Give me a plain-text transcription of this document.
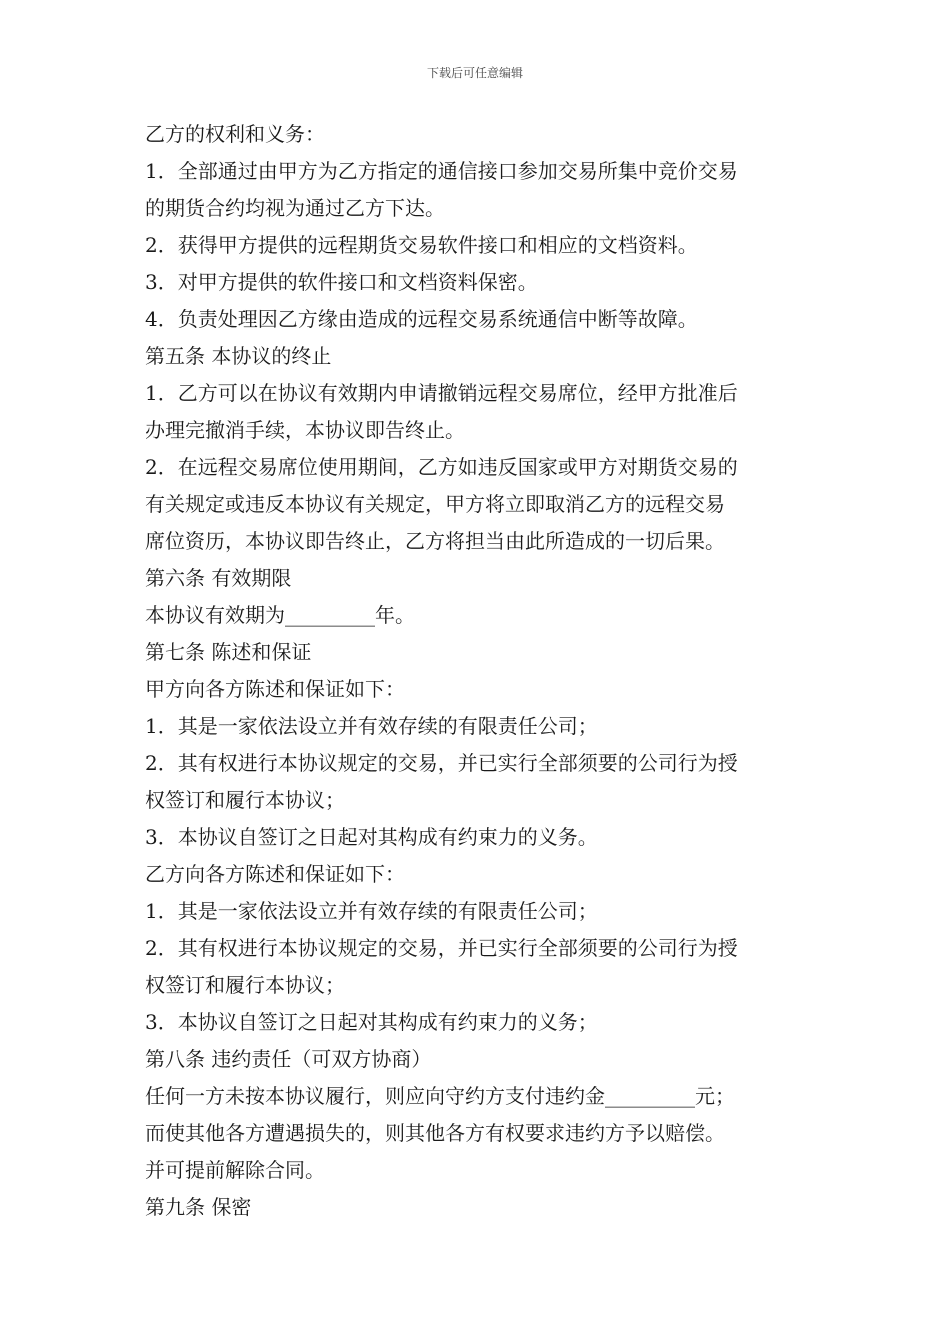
下载后可任意编辑
乙方的权利和义务：
1．全部通过由甲方为乙方指定的通信接口参加交易所集中竞价交易
的期货合约均视为通过乙方下达。
2．获得甲方提供的远程期货交易软件接口和相应的文档资料。
3．对甲方提供的软件接口和文档资料保密。
4．负责处理因乙方缘由造成的远程交易系统通信中断等故障。
第五条 本协议的终止
1．乙方可以在协议有效期内申请撤销远程交易席位，经甲方批准后
办理完撤消手续，本协议即告终止。
2．在远程交易席位使用期间，乙方如违反国家或甲方对期货交易的
有关规定或违反本协议有关规定，甲方将立即取消乙方的远程交易
席位资历，本协议即告终止，乙方将担当由此所造成的一切后果。
第六条 有效期限
本协议有效期为_________年。
第七条 陈述和保证
甲方向各方陈述和保证如下：
1．其是一家依法设立并有效存续的有限责任公司；
2．其有权进行本协议规定的交易，并已实行全部须要的公司行为授
权签订和履行本协议；
3．本协议自签订之日起对其构成有约束力的义务。
乙方向各方陈述和保证如下：
1．其是一家依法设立并有效存续的有限责任公司；
2．其有权进行本协议规定的交易，并已实行全部须要的公司行为授
权签订和履行本协议；
3．本协议自签订之日起对其构成有约束力的义务；
第八条 违约责任（可双方协商）
任何一方未按本协议履行，则应向守约方支付违约金_________元；
而使其他各方遭遇损失的，则其他各方有权要求违约方予以赔偿。
并可提前解除合同。
第九条 保密
